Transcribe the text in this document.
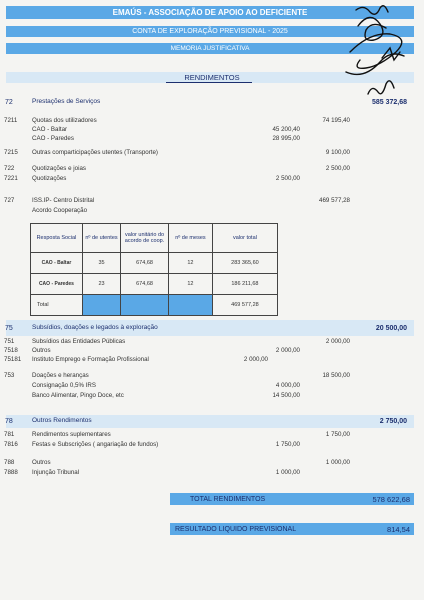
EMAÚS - ASSOCIAÇÃO DE APOIO AO DEFICIENTE
CONTA DE EXPLORAÇÃO PREVISIONAL - 2025
MEMORIA JUSTIFICATIVA
RENDIMENTOS
72	Prestações de Serviços	585 372,68
7211 Quotas dos utilizadores	74 195,40
CAO - Baltar	45 200,40
CAO - Paredes	28 995,00
7215 Outras comparticipações utentes (Transporte)	9 100,00
722	Quotizações e joias	2 500,00
7221 Quotizações	2 500,00
727	ISS.IP- Centro Distrital	469 577,28
Acordo Cooperação
Resposta Social	nº de utentes	valor unitário do acordo de coop.	nº de meses	valor total
CAO - Baltar	35	674,68	12	283 365,60
CAO - Paredes	23	674,68	12	186 211,68
Total				469 577,28
75	Subsídios, doações e legados à exploração	20 500,00
751	Subsídios das Entidades Públicas	2 000,00
7518 Outros	2 000,00
75181 Instituto Emprego e Formação Profissional	2 000,00
753	Doações e heranças	18 500,00
Consignação 0,5% IRS	4 000,00
Banco Alimentar, Pingo Doce, etc	14 500,00
78	Outros Rendimentos	2 750,00
781	Rendimentos suplementares	1 750,00
7816 Festas e Subscrições ( angariação de fundos)	1 750,00
788	Outros	1 000,00
7888 Injunção Tribunal	1 000,00
TOTAL RENDIMENTOS	578 622,68
RESULTADO LIQUIDO PREVISIONAL	814,54
